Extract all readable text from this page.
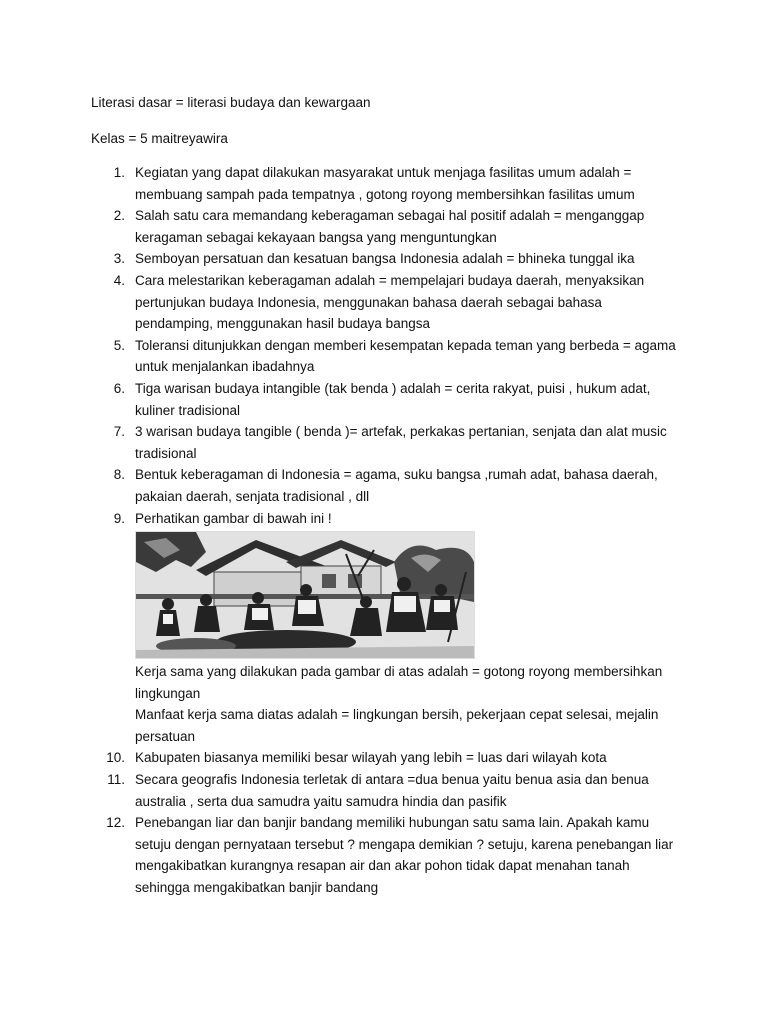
Literasi dasar = literasi budaya dan kewargaan
Kelas = 5 maitreyawira
1. Kegiatan yang dapat dilakukan masyarakat untuk menjaga fasilitas umum adalah = membuang sampah pada tempatnya , gotong royong membersihkan fasilitas umum
2. Salah satu cara memandang keberagaman sebagai hal positif adalah = menganggap keragaman sebagai kekayaan bangsa yang menguntungkan
3. Semboyan persatuan dan kesatuan bangsa Indonesia adalah = bhineka tunggal ika
4. Cara melestarikan keberagaman adalah = mempelajari budaya daerah, menyaksikan pertunjukan budaya Indonesia, menggunakan bahasa daerah sebagai bahasa pendamping, menggunakan hasil budaya bangsa
5. Toleransi ditunjukkan dengan memberi kesempatan kepada teman yang berbeda = agama untuk menjalankan ibadahnya
6. Tiga warisan budaya intangible (tak benda ) adalah = cerita rakyat, puisi , hukum adat, kuliner tradisional
7. 3 warisan budaya tangible ( benda )= artefak, perkakas pertanian, senjata dan alat music tradisional
8. Bentuk keberagaman di Indonesia = agama, suku bangsa ,rumah adat, bahasa daerah, pakaian daerah, senjata tradisional , dll
9. Perhatikan gambar di bawah ini !
Kerja sama yang dilakukan pada gambar di atas adalah = gotong royong membersihkan lingkungan
Manfaat kerja sama diatas adalah = lingkungan bersih, pekerjaan cepat selesai, mejalin persatuan
10. Kabupaten biasanya memiliki besar wilayah yang lebih = luas dari wilayah kota
11. Secara geografis Indonesia terletak di antara =dua benua yaitu benua asia dan benua australia , serta dua samudra yaitu samudra hindia dan pasifik
12. Penebangan liar dan banjir bandang memiliki hubungan satu sama lain. Apakah kamu setuju dengan pernyataan tersebut ? mengapa demikian ? setuju, karena penebangan liar mengakibatkan kurangnya resapan air dan akar pohon tidak dapat menahan tanah sehingga mengakibatkan banjir bandang
